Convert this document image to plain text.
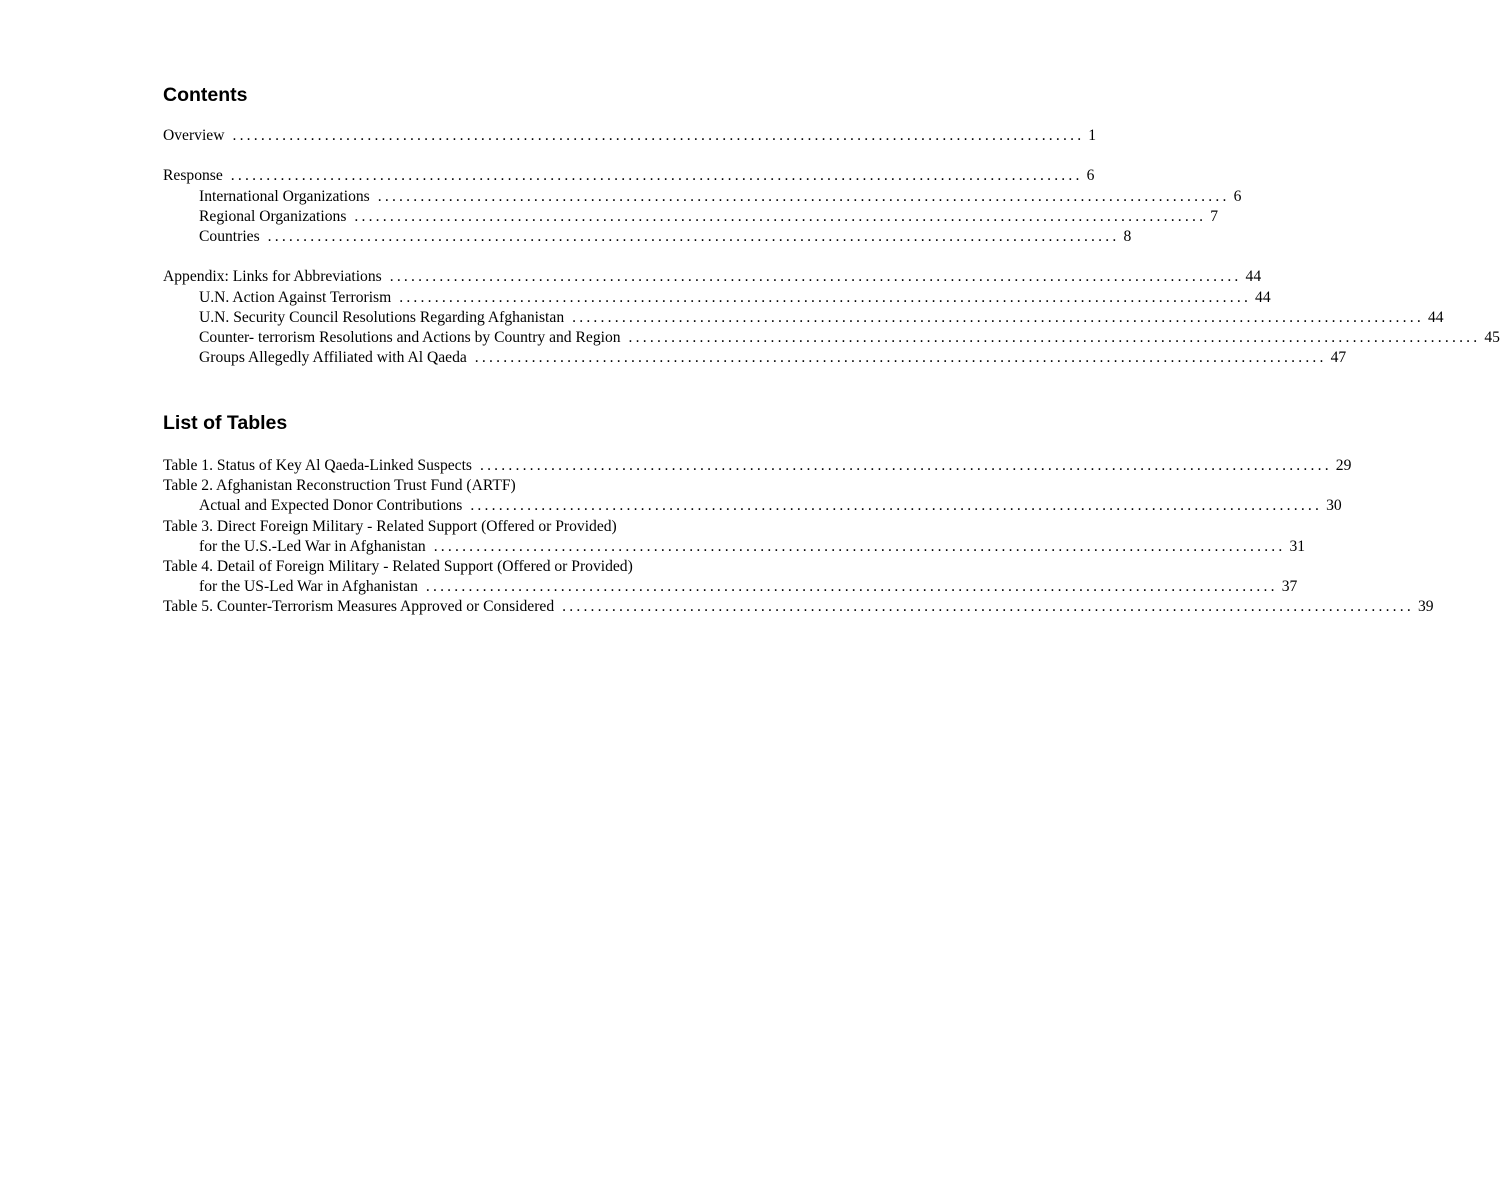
Contents
Overview ........................................................................................................................ 1
Response ........................................................................................................................ 6
International Organizations ........................................................................................................................ 6
Regional Organizations ........................................................................................................................ 7
Countries ........................................................................................................................ 8
Appendix: Links for Abbreviations ........................................................................................................................ 44
U.N. Action Against Terrorism ........................................................................................................................ 44
U.N. Security Council Resolutions Regarding Afghanistan ........................................................................................................................ 44
Counter- terrorism Resolutions and Actions by Country and Region ........................................................................................................................ 45
Groups Allegedly Affiliated with Al Qaeda ........................................................................................................................ 47
List of Tables
Table 1. Status of Key Al Qaeda-Linked Suspects ........................................................................................................................ 29
Table 2. Afghanistan Reconstruction Trust Fund (ARTF)
Actual and Expected Donor Contributions ........................................................................................................................ 30
Table 3. Direct Foreign Military - Related Support (Offered or Provided)
for the U.S.-Led War in Afghanistan ........................................................................................................................ 31
Table 4. Detail of Foreign Military - Related Support (Offered or Provided)
for the US-Led War in Afghanistan ........................................................................................................................ 37
Table 5. Counter-Terrorism Measures Approved or Considered ........................................................................................................................ 39
